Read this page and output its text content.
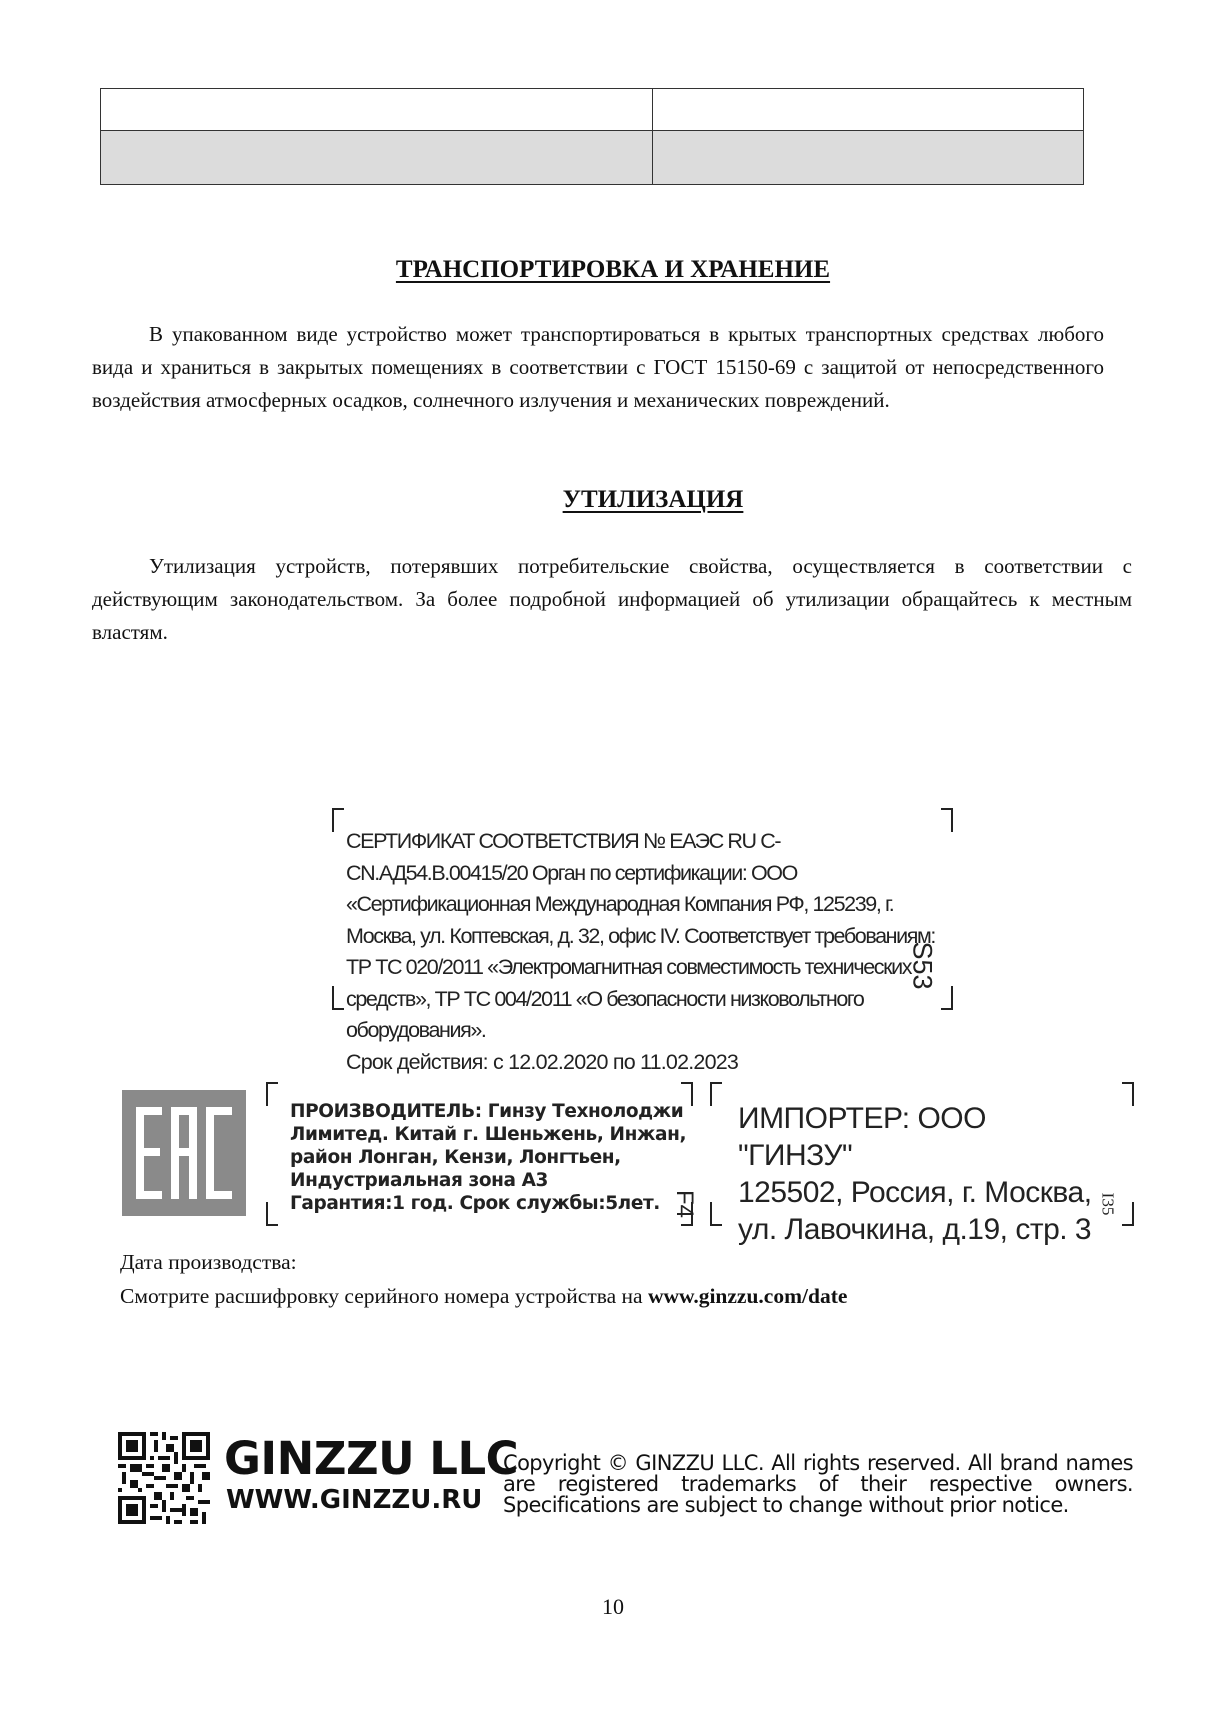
ТРАНСПОРТИРОВКА И ХРАНЕНИЕ
В упакованном виде устройство может транспортироваться в крытых транспортных средствах любого вида и храниться в закрытых помещениях в соответствии с ГОСТ 15150-69 с защитой от непосредственного воздействия атмосферных осадков, солнечного излучения и механических повреждений.
УТИЛИЗАЦИЯ
Утилизация устройств, потерявших потребительские свойства, осуществляется в соответствии с действующим законодательством. За более подробной информацией об утилизации обращайтесь к местным властям.
СЕРТИФИКАТ СООТВЕТСТВИЯ № ЕАЭС RU C-CN.АД54.В.00415/20 Орган по сертификации: ООО «Сертификационная Международная Компания РФ, 125239, г. Москва, ул. Коптевская, д. 32, офис IV. Соответствует требованиям: ТР ТС 020/2011 «Электромагнитная совместимость технических средств», ТР ТС 004/2011 «О безопасности низковольтного оборудования».
Срок действия: с 12.02.2020 по 11.02.2023
S53
ПРОИЗВОДИТЕЛЬ: Гинзу Технолоджи
Лимитед. Китай г. Шеньжень, Инжан,
район Лонган, Кензи, Лонгтьен,
Индустриальная зона А3
Гарантия:1 год. Срок службы:5лет. F4
ИМПОРТЕР: ООО "ГИНЗУ"
125502, Россия, г. Москва,
ул. Лавочкина, д.19, стр. 3
I35
Дата производства:
Смотрите расшифровку серийного номера устройства на www.ginzzu.com/date
GINZZU LLC
WWW.GINZZU.RU
Copyright © GINZZU LLC. All rights reserved. All brand names are registered trademarks of their respective owners. Specifications are subject to change without prior notice.
10
